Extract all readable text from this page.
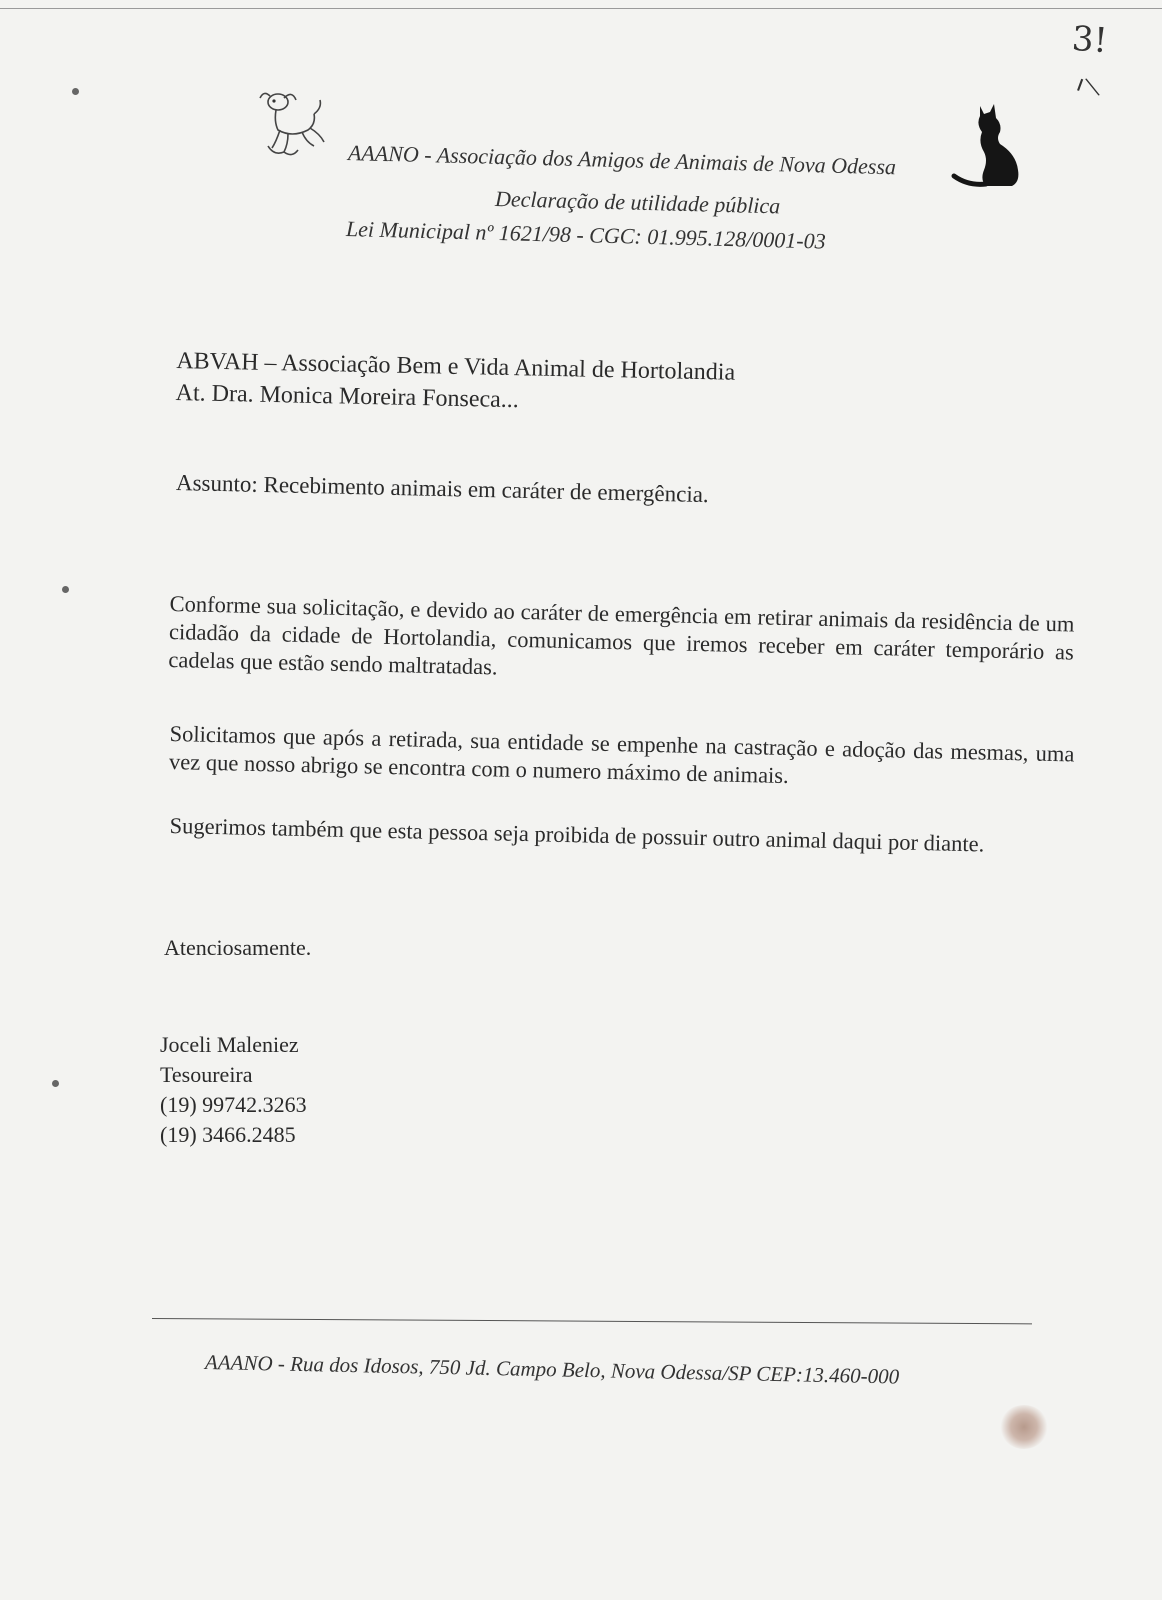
3!
ᐟ\
AAANO - Associação dos Amigos de Animais de Nova Odessa
Declaração de utilidade pública
Lei Municipal nº 1621/98 - CGC: 01.995.128/0001-03
ABVAH – Associação Bem e Vida Animal de Hortolandia
At. Dra. Monica Moreira Fonseca...
Assunto: Recebimento animais em caráter de emergência.
Conforme sua solicitação, e devido ao caráter de emergência em retirar animais da residência de um cidadão da cidade de Hortolandia, comunicamos que iremos receber em caráter temporário as cadelas que estão sendo maltratadas.
Solicitamos que após a retirada, sua entidade se empenhe na castração e adoção das mesmas, uma vez que nosso abrigo se encontra com o numero máximo de animais.
Sugerimos também que esta pessoa seja proibida de possuir outro animal daqui por diante.
Atenciosamente.
Joceli Maleniez
Tesoureira
(19) 99742.3263
(19) 3466.2485
AAANO - Rua dos Idosos, 750 Jd. Campo Belo, Nova Odessa/SP CEP:13.460-000
